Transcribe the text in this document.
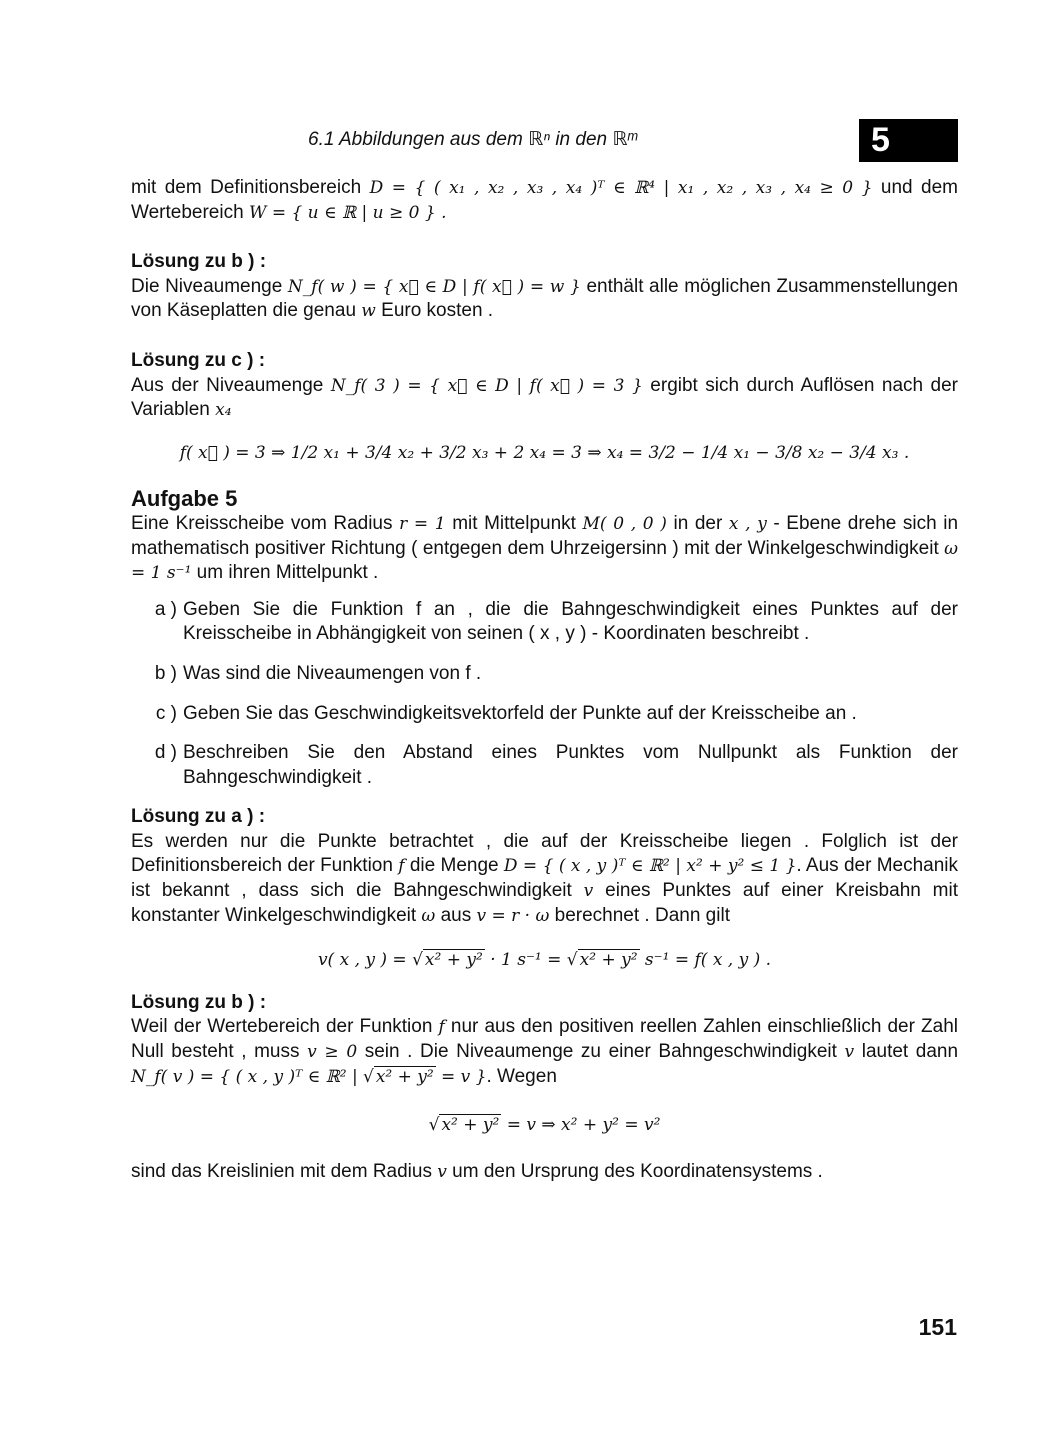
6.1 Abbildungen aus dem ℝⁿ in den ℝᵐ	5

mit dem Definitionsbereich D = { ( x₁ , x₂ , x₃ , x₄ )ᵀ ∈ ℝ⁴ | x₁ , x₂ , x₃ , x₄ ≥ 0 } und dem Wertebereich W = { u ∈ ℝ | u ≥ 0 } .

Lösung zu b ) :

Die Niveaumenge N_f( w ) = { x⃗ ∈ D | f( x⃗ ) = w } enthält alle möglichen Zusammenstellungen von Käseplatten die genau w Euro kosten .

Lösung zu c ) :

Aus der Niveaumenge N_f( 3 ) = { x⃗ ∈ D | f( x⃗ ) = 3 } ergibt sich durch Auflösen nach der Variablen x₄

f( x⃗ ) = 3 ⇒ 1/2 x₁ + 3/4 x₂ + 3/2 x₃ + 2 x₄ = 3 ⇒ x₄ = 3/2 − 1/4 x₁ − 3/8 x₂ − 3/4 x₃ .
Aufgabe 5

Eine Kreisscheibe vom Radius r = 1 mit Mittelpunkt M( 0 , 0 ) in der x , y - Ebene drehe sich in mathematisch positiver Richtung ( entgegen dem Uhrzeigersinn ) mit der Winkelgeschwindigkeit ω = 1 s⁻¹ um ihren Mittelpunkt .

a ) Geben Sie die Funktion f an , die die Bahngeschwindigkeit eines Punktes auf der Kreisscheibe in Abhängigkeit von seinen ( x , y ) - Koordinaten beschreibt .
b ) Was sind die Niveaumengen von f .
c ) Geben Sie das Geschwindigkeitsvektorfeld der Punkte auf der Kreisscheibe an .
d ) Beschreiben Sie den Abstand eines Punktes vom Nullpunkt als Funktion der Bahngeschwindigkeit .
Lösung zu a ) :

Es werden nur die Punkte betrachtet , die auf der Kreisscheibe liegen . Folglich ist der Definitionsbereich der Funktion f die Menge D = { ( x , y )ᵀ ∈ ℝ² | x² + y² ≤ 1 }. Aus der Mechanik ist bekannt , dass sich die Bahngeschwindigkeit v eines Punktes auf einer Kreisbahn mit konstanter Winkelgeschwindigkeit ω aus v = r · ω berechnet . Dann gilt

v( x , y ) = √ x² + y² · 1 s⁻¹ = √ x² + y² s⁻¹ = f( x , y ) .
Lösung zu b ) :

Weil der Wertebereich der Funktion f nur aus den positiven reellen Zahlen einschließlich der Zahl Null besteht , muss v ≥ 0 sein . Die Niveaumenge zu einer Bahngeschwindigkeit v lautet dann N_f( v ) = { ( x , y )ᵀ ∈ ℝ² | √ x² + y² = v }. Wegen

√ x² + y² = v ⇒ x² + y² = v²

sind das Kreislinien mit dem Radius v um den Ursprung des Koordinatensystems .

151
